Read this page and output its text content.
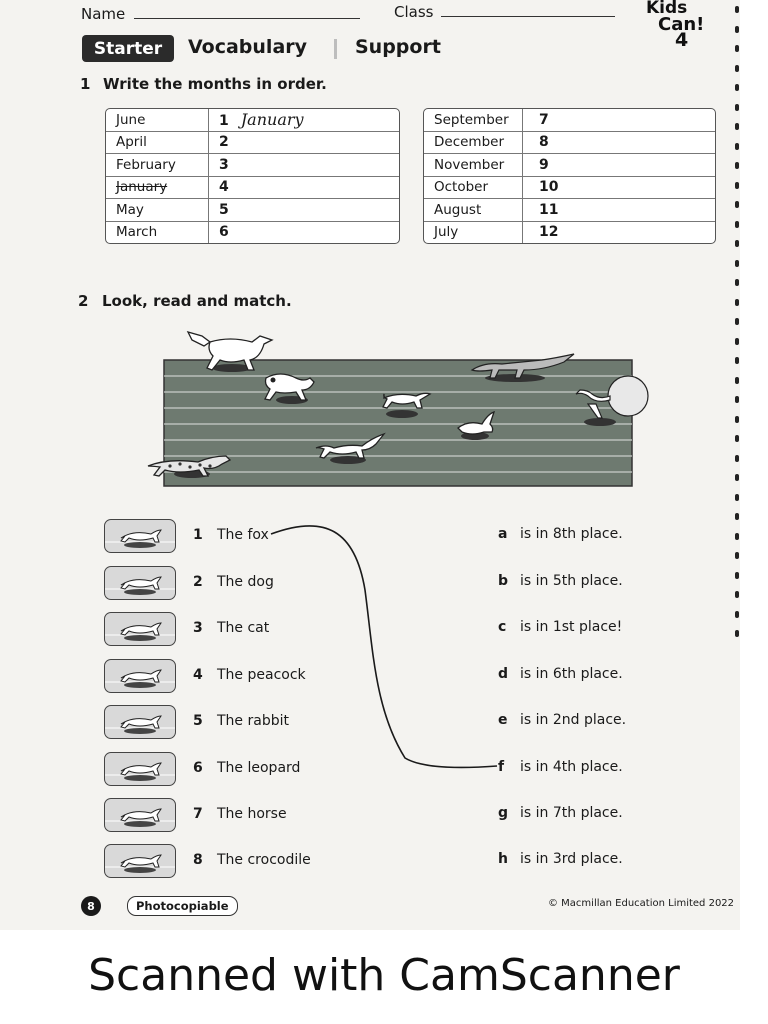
Name	Class	Kids
Can!
4
Starter	Vocabulary	Support
1 Write the months in order.
June	1 January
April	2
February	3
January	4
May	5
March	6
September	7
December	8
November	9
October	10
August	11
July	12
2 Look, read and match.
1 The fox
2 The dog
3 The cat
4 The peacock
5 The rabbit
6 The leopard
7 The horse
8 The crocodile
a is in 8th place.
b is in 5th place.
c is in 1st place!
d is in 6th place.
e is in 2nd place.
f is in 4th place.
g is in 7th place.
h is in 3rd place.
8	Photocopiable	© Macmillan Education Limited 2022
Scanned with CamScanner
